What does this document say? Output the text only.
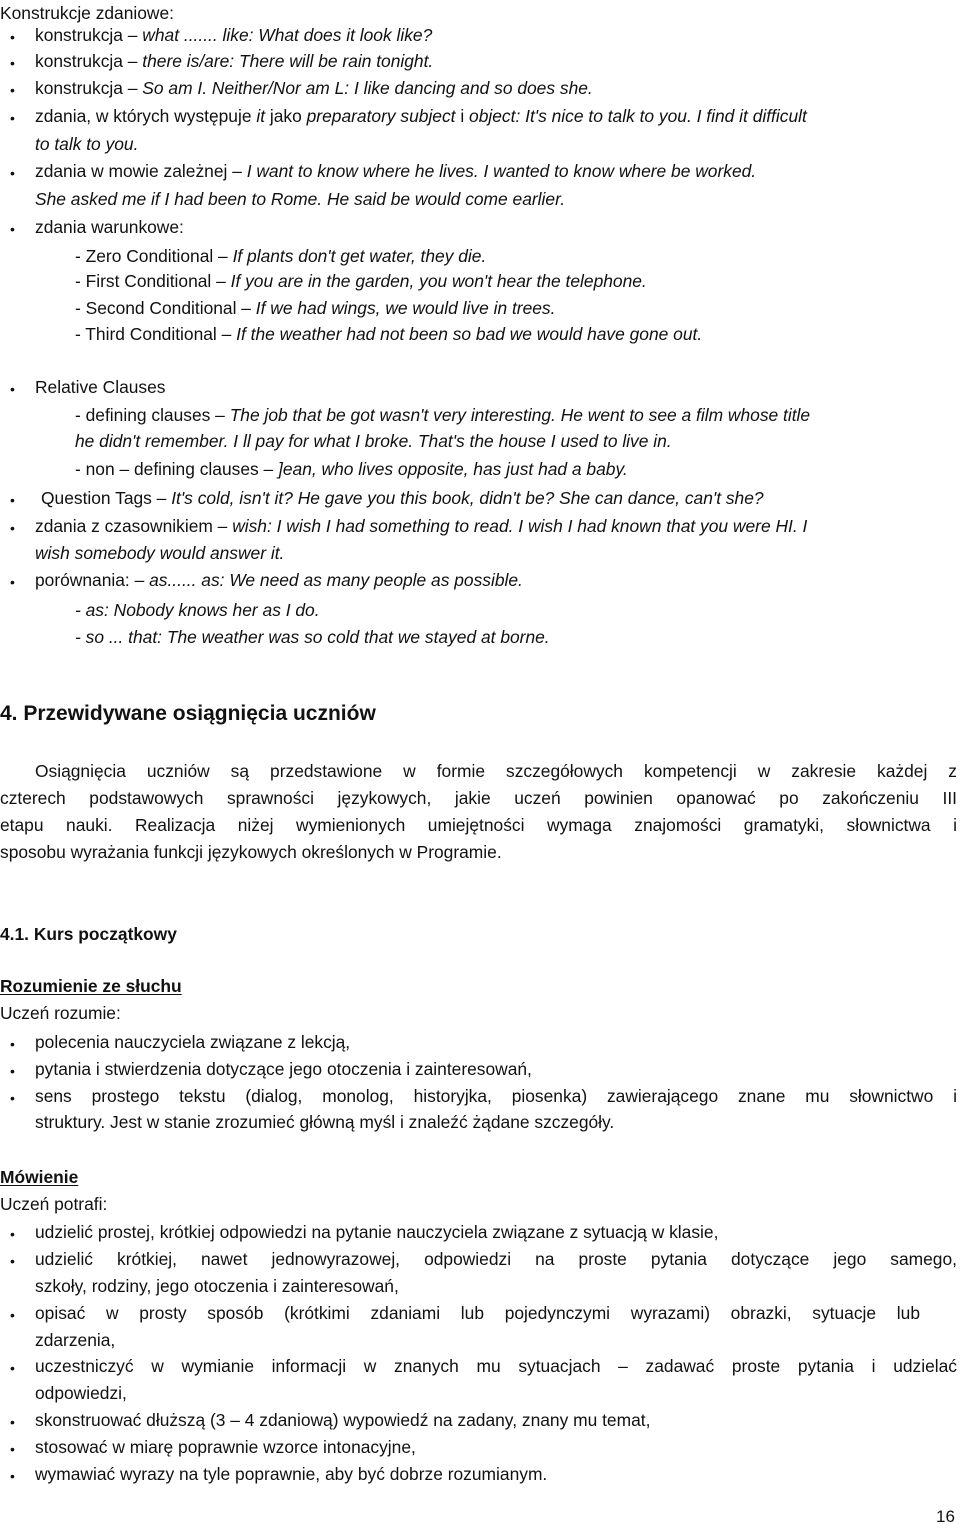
Konstrukcje zdaniowe:
• konstrukcja – what ....... like: What does it look like?
• konstrukcja – there is/are: There will be rain tonight.
• konstrukcja – So am I. Neither/Nor am L: I like dancing and so does she.
• zdania, w których występuje it jako preparatory subject i object: It's nice to talk to you. I find it difficult
to talk to you.
• zdania w mowie zależnej – I want to know where he lives. I wanted to know where be worked.
She asked me if I had been to Rome. He said be would come earlier.
• zdania warunkowe:
- Zero Conditional – If plants don't get water, they die.
- First Conditional – If you are in the garden, you won't hear the telephone.
- Second Conditional – If we had wings, we would live in trees.
- Third Conditional – If the weather had not been so bad we would have gone out.
• Relative Clauses
- defining clauses – The job that be got wasn't very interesting. He went to see a film whose title
he didn't remember. I ll pay for what I broke. That's the house I used to live in.
- non – defining clauses – ]ean, who lives opposite, has just had a baby.
• Question Tags – It's cold, isn't it? He gave you this book, didn't be? She can dance, can't she?
• zdania z czasownikiem – wish: I wish I had something to read. I wish I had known that you were HI. I
wish somebody would answer it.
• porównania: – as...... as: We need as many people as possible.
- as: Nobody knows her as I do.
- so ... that: The weather was so cold that we stayed at borne.
4. Przewidywane osiągnięcia uczniów
Osiągnięcia uczniów są przedstawione w formie szczegółowych kompetencji w zakresie każdej z
czterech podstawowych sprawności językowych, jakie uczeń powinien opanować po zakończeniu III
etapu nauki. Realizacja niżej wymienionych umiejętności wymaga znajomości gramatyki, słownictwa i
sposobu wyrażania funkcji językowych określonych w Programie.
4.1. Kurs początkowy
Rozumienie ze słuchu
Uczeń rozumie:
• polecenia nauczyciela związane z lekcją,
• pytania i stwierdzenia dotyczące jego otoczenia i zainteresowań,
• sens prostego tekstu (dialog, monolog, historyjka, piosenka) zawierającego znane mu słownictwo i
struktury. Jest w stanie zrozumieć główną myśl i znaleźć żądane szczegóły.
Mówienie
Uczeń potrafi:
• udzielić prostej, krótkiej odpowiedzi na pytanie nauczyciela związane z sytuacją w klasie,
• udzielić krótkiej, nawet jednowyrazowej, odpowiedzi na proste pytania dotyczące jego samego,
szkoły, rodziny, jego otoczenia i zainteresowań,
• opisać w prosty sposób (krótkimi zdaniami lub pojedynczymi wyrazami) obrazki, sytuacje lub
zdarzenia,
• uczestniczyć w wymianie informacji w znanych mu sytuacjach – zadawać proste pytania i udzielać
odpowiedzi,
• skonstruować dłuższą (3 – 4 zdaniową) wypowiedź na zadany, znany mu temat,
• stosować w miarę poprawnie wzorce intonacyjne,
• wymawiać wyrazy na tyle poprawnie, aby być dobrze rozumianym.
16
